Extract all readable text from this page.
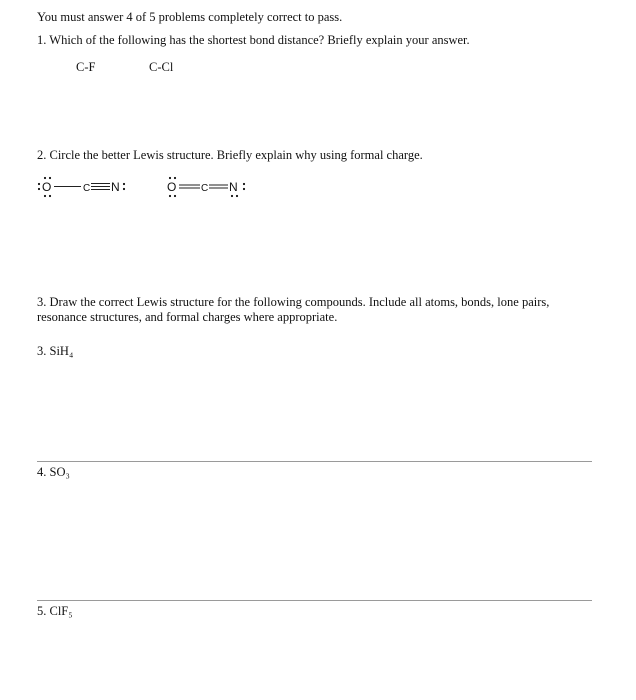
You must answer 4 of 5 problems completely correct to pass.
1. Which of the following has the shortest bond distance? Briefly explain your answer.
C-F	C-Cl
2. Circle the better Lewis structure. Briefly explain why using formal charge.
O	C N	O C N
3. Draw the correct Lewis structure for the following compounds. Include all atoms, bonds, lone pairs, resonance structures, and formal charges where appropriate.
3. SiH₄
4. SO₃
5. ClF₅
